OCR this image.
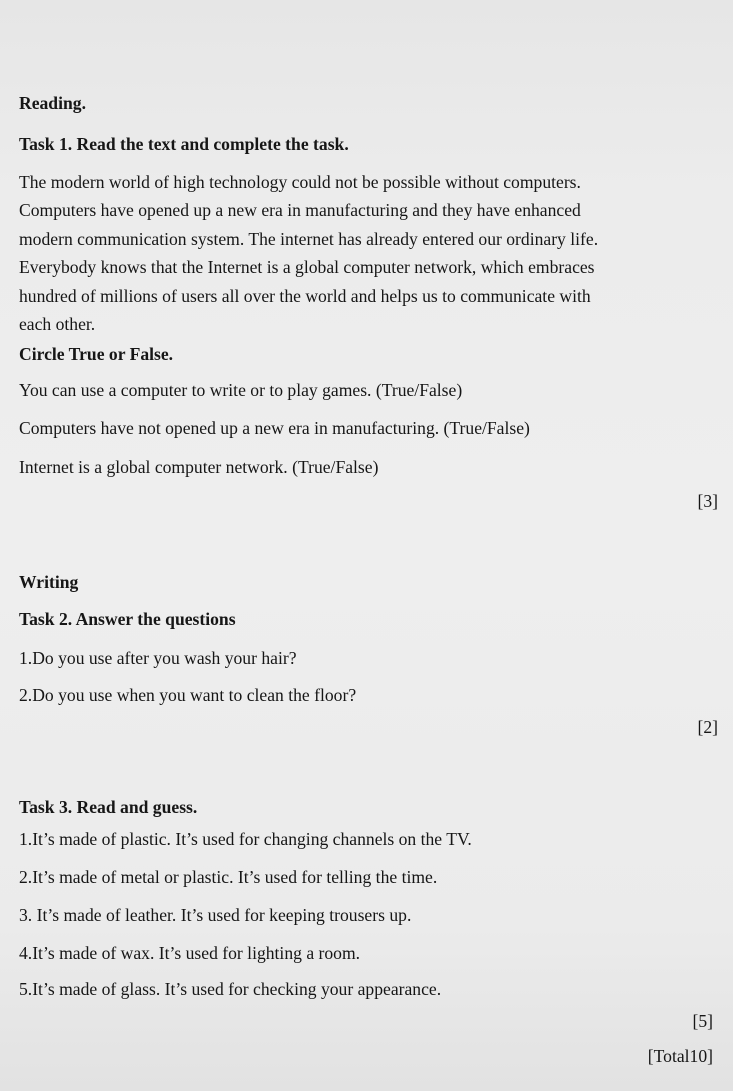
Reading.
Task 1. Read the text and complete the task.
The modern world of high technology could not be possible without computers.
Computers have opened up a new era in manufacturing and they have enhanced
modern communication system. The internet has already entered our ordinary life.
Everybody knows that the Internet is a global computer network, which embraces
hundred of millions of users all over the world and helps us to communicate with
each other.
Circle True or False.
You can use a computer to write or to play games. (True/False)
Computers have not opened up a new era in manufacturing. (True/False)
Internet is a global computer network. (True/False)
[3]
Writing
Task 2. Answer the questions
1.Do you use after you wash your hair?
2.Do you use when you want to clean the floor?
[2]
Task 3. Read and guess.
1.It’s made of plastic. It’s used for changing channels on the TV.
2.It’s made of metal or plastic. It’s used for telling the time.
3. It’s made of leather. It’s used for keeping trousers up.
4.It’s made of wax. It’s used for lighting a room.
5.It’s made of glass. It’s used for checking your appearance.
[5]
[Total10]
